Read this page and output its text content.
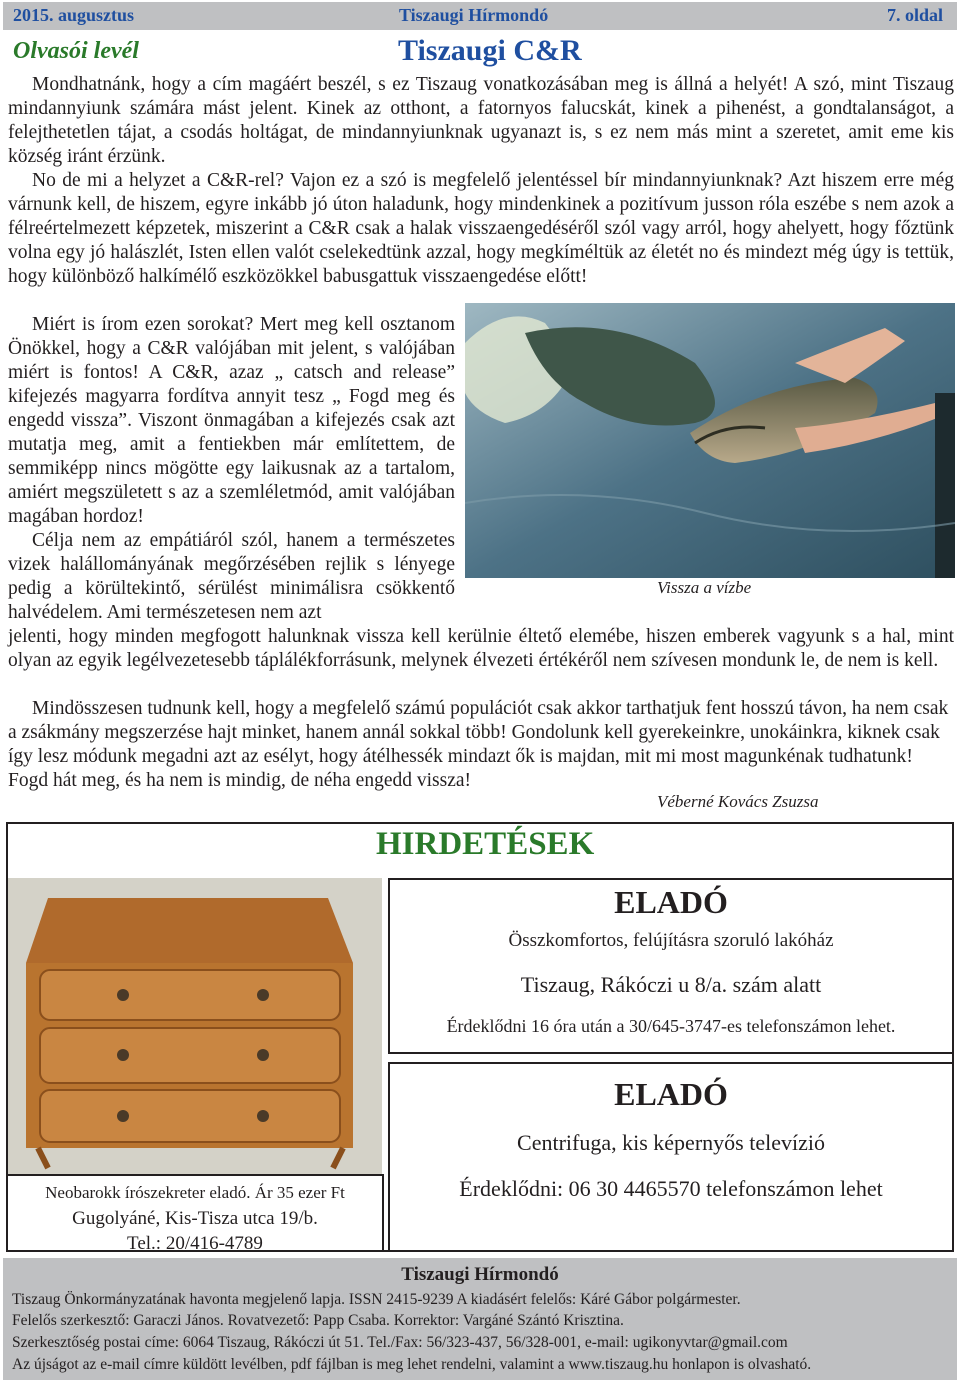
2015. augusztus	Tiszaugi Hírmondó	7. oldal
Olvasói levél	Tiszaugi C&R

Mondhatnánk, hogy a cím magáért beszél, s ez Tiszaug vonatkozásában meg is állná a helyét! A szó, mint Tiszaug mindannyiunk számára mást jelent. Kinek az otthont, a fatornyos falucskát, kinek a pihenést, a gondtalanságot, a felejthetetlen tájat, a csodás holtágat, de mindannyiunknak ugyanazt is, s ez nem más mint a szeretet, amit eme kis község iránt érzünk.

No de mi a helyzet a C&R-rel? Vajon ez a szó is megfelelő jelentéssel bír mindannyiunknak? Azt hiszem erre még várnunk kell, de hiszem, egyre inkább jó úton haladunk, hogy mindenkinek a pozitívum jusson róla eszébe s nem azok a félreértelmezett képzetek, miszerint a C&R csak a halak visszaengedéséről szól vagy arról, hogy ahelyett, hogy főztünk volna egy jó halászlét, Isten ellen valót cselekedtünk azzal, hogy megkíméltük az életét no és mindezt még úgy is tettük, hogy különböző halkímélő eszközökkel babusgattuk visszaengedése előtt!

Miért is írom ezen sorokat? Mert meg kell osztanom Önökkel, hogy a C&R valójában mit jelent, s valójában miért is fontos! A C&R, azaz „ catsch and release” kifejezés magyarra fordítva annyit tesz „ Fogd meg és engedd vissza”. Viszont önmagában a kifejezés csak azt mutatja meg, amit a fentiekben már említettem, de semmiképp nincs mögötte egy laikusnak az a tartalom, amiért megszületett s az a szemléletmód, amit valójában magában hordoz!

Célja nem az empátiáról szól, hanem a természetes vizek halállományának megőrzésében rejlik s lényege pedig a körültekintő, sérülést minimálisra csökkentő halvédelem. Ami természetesen nem azt

jelenti, hogy minden megfogott halunknak vissza kell kerülnie éltető elemébe, hiszen emberek vagyunk s a hal, mint olyan az egyik legélvezetesebb táplálékforrásunk, melynek élvezeti értékéről nem szívesen mondunk le, de nem is kell.

Mindösszesen tudnunk kell, hogy a megfelelő számú populációt csak akkor tarthatjuk fent hosszú távon, ha nem csak a zsákmány megszerzése hajt minket, hanem annál sokkal több! Gondolunk kell gyerekeinkre, unokáinkra, kiknek csak így lesz módunk megadni azt az esélyt, hogy átélhessék mindazt ők is majdan, mit mi most magunkénak tudhatunk! Fogd hát meg, és ha nem is mindig, de néha engedd vissza!

Vissza a vízbe
Véberné Kovács Zsuzsa
HIRDETÉSEK
Neobarokk írószekreter eladó. Ár 35 ezer Ft
Gugolyáné, Kis-Tisza utca 19/b.
Tel.: 20/416-4789
ELADÓ
Összkomfortos, felújításra szoruló lakóház
Tiszaug, Rákóczi u 8/a. szám alatt
Érdeklődni 16 óra után a 30/645-3747-es telefonszámon lehet.
ELADÓ
Centrifuga, kis képernyős televízió
Érdeklődni: 06 30 4465570 telefonszámon lehet
Tiszaugi Hírmondó
Tiszaug Önkormányzatának havonta megjelenő lapja. ISSN 2415-9239 A kiadásért felelős: Káré Gábor polgármester.
Felelős szerkesztő: Garaczi János. Rovatvezető: Papp Csaba. Korrektor: Vargáné Szántó Krisztina.
Szerkesztőség postai címe: 6064 Tiszaug, Rákóczi út 51. Tel./Fax: 56/323-437, 56/328-001, e-mail: ugikonyvtar@gmail.com
Az újságot az e-mail címre küldött levélben, pdf fájlban is meg lehet rendelni, valamint a www.tiszaug.hu honlapon is olvasható.
